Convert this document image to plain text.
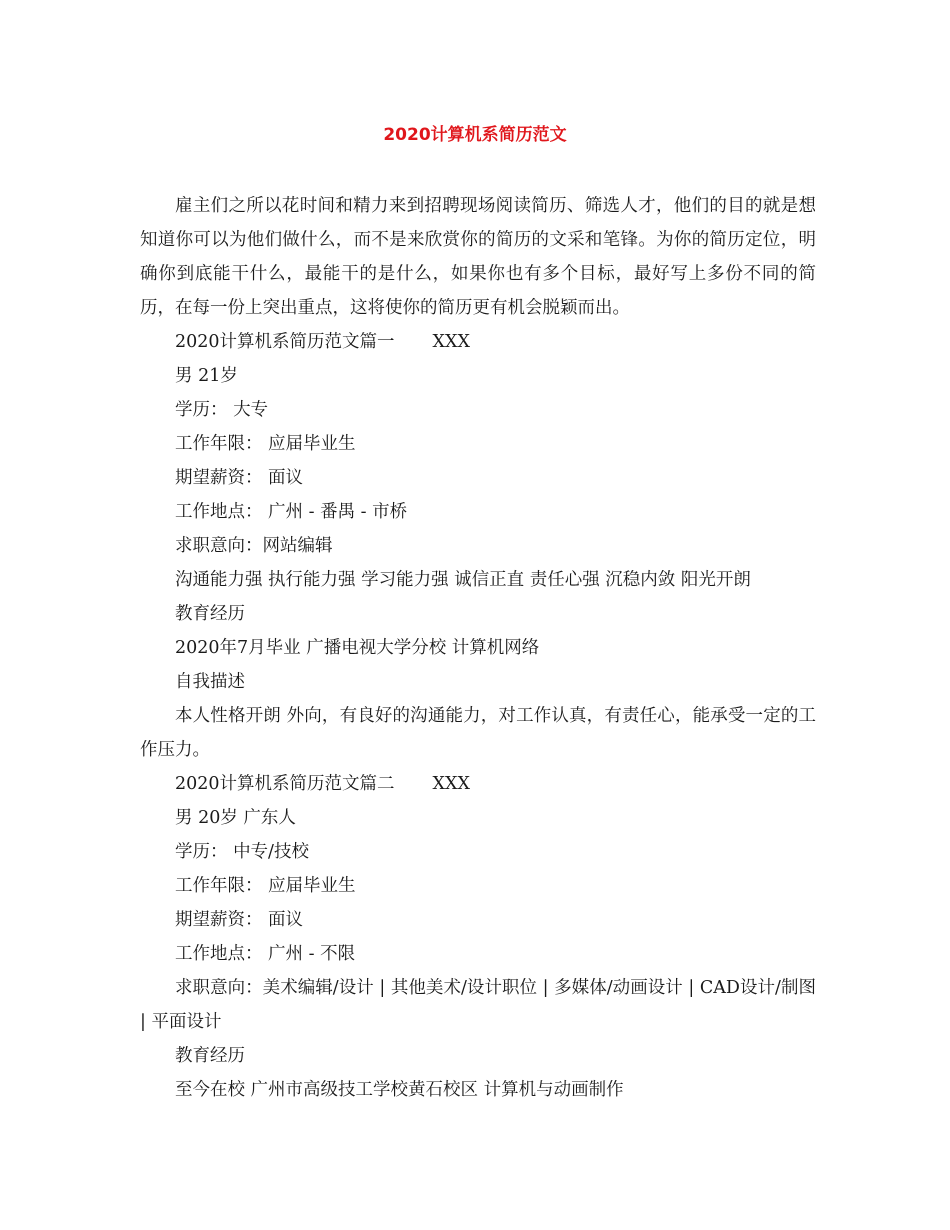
2020计算机系简历范文

雇主们之所以花时间和精力来到招聘现场阅读简历、筛选人才，他们的目的就是想知道你可以为他们做什么，而不是来欣赏你的简历的文采和笔锋。为你的简历定位，明确你到底能干什么，最能干的是什么，如果你也有多个目标，最好写上多份不同的简历，在每一份上突出重点，这将使你的简历更有机会脱颖而出。

2020计算机系简历范文篇一 XXX

男 21岁

学历： 大专

工作年限： 应届毕业生

期望薪资： 面议

工作地点： 广州 - 番禺 - 市桥

求职意向：网站编辑

沟通能力强 执行能力强 学习能力强 诚信正直 责任心强 沉稳内敛 阳光开朗

教育经历

2020年7月毕业 广播电视大学分校 计算机网络

自我描述

本人性格开朗 外向，有良好的沟通能力，对工作认真，有责任心，能承受一定的工作压力。

2020计算机系简历范文篇二 XXX

男 20岁 广东人

学历： 中专/技校

工作年限： 应届毕业生

期望薪资： 面议

工作地点： 广州 - 不限

求职意向：美术编辑/设计 | 其他美术/设计职位 | 多媒体/动画设计 | CAD设计/制图 | 平面设计

教育经历

至今在校 广州市高级技工学校黄石校区 计算机与动画制作
